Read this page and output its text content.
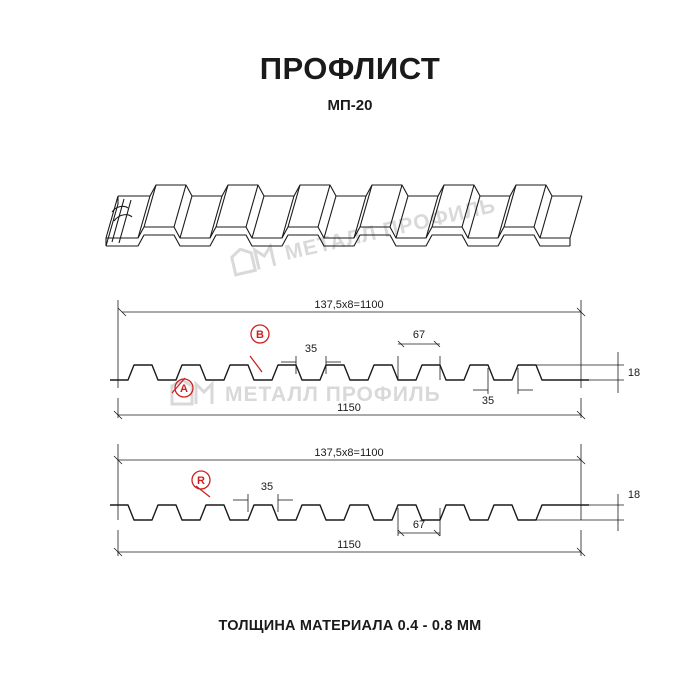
ПРОФЛИСТ
МП-20
МЕТАЛЛ ПРОФИЛЬ
МЕТАЛЛ ПРОФИЛЬ
137,5x8=1100
1150
18
35
67
35
A
B
137,5x8=1100
1150
18
35
67
R
ТОЛЩИНА МАТЕРИАЛА 0.4 - 0.8 ММ
